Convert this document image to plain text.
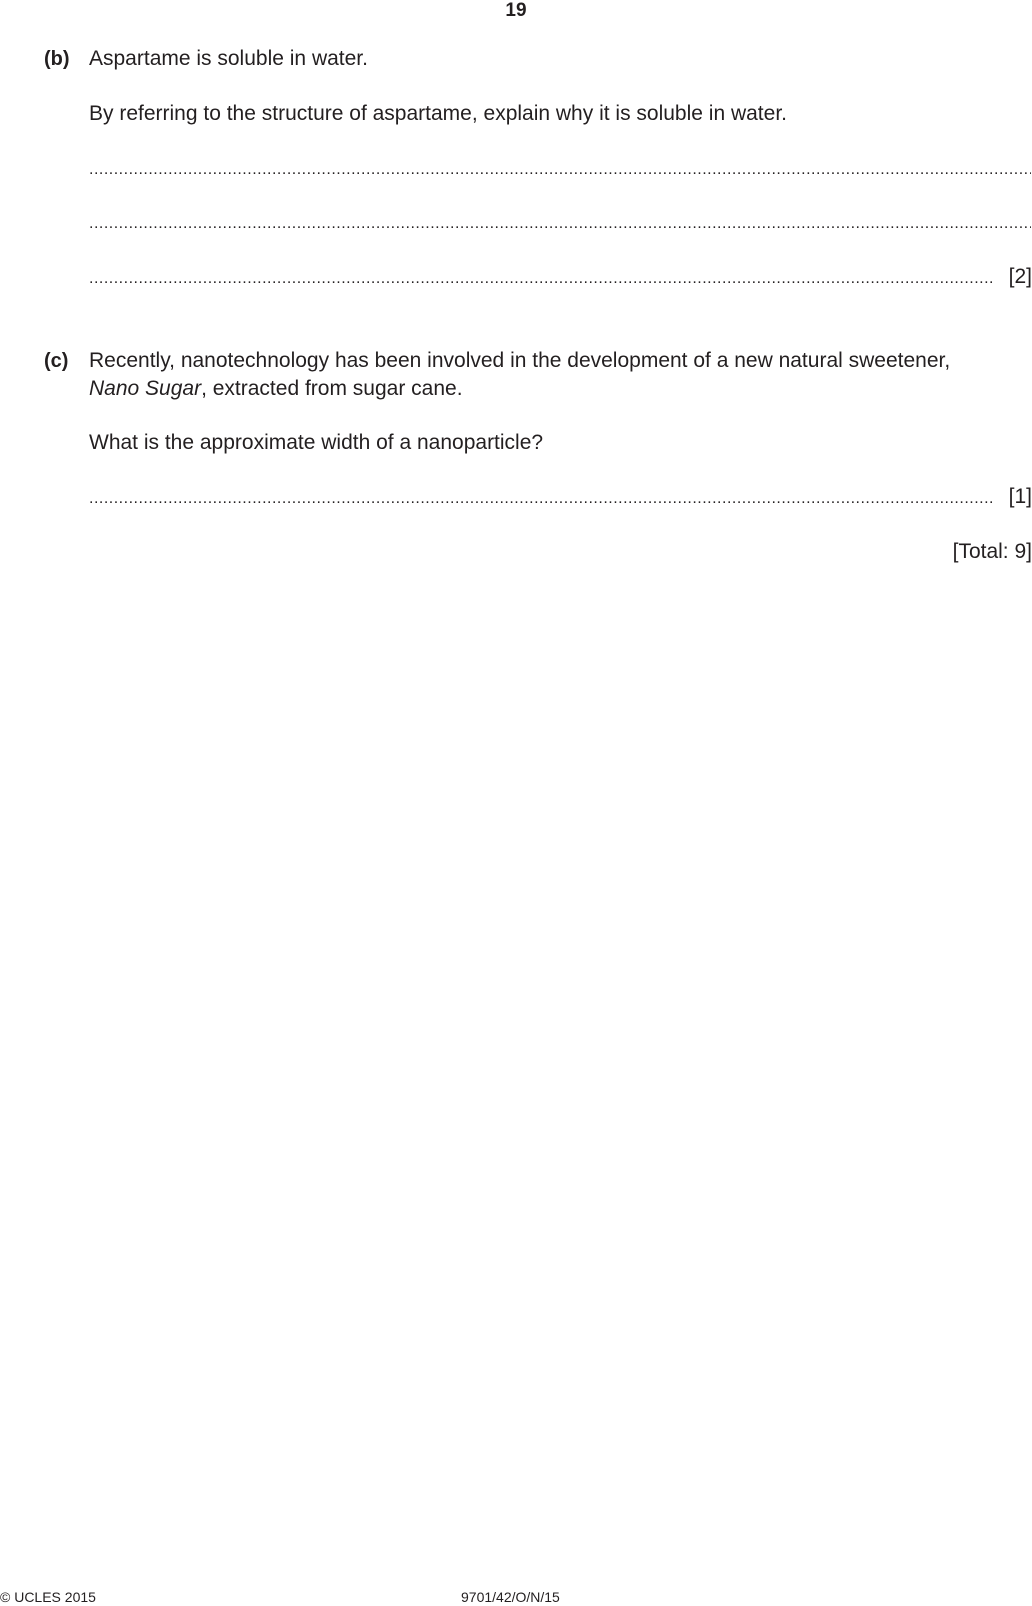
19
(b) Aspartame is soluble in water.
By referring to the structure of aspartame, explain why it is soluble in water.
.....
.....
.....
[2]
(c) Recently, nanotechnology has been involved in the development of a new natural sweetener,
Nano Sugar, extracted from sugar cane.
What is the approximate width of a nanoparticle?
.....
[1]
[Total: 9]
© UCLES 2015	9701/42/O/N/15
